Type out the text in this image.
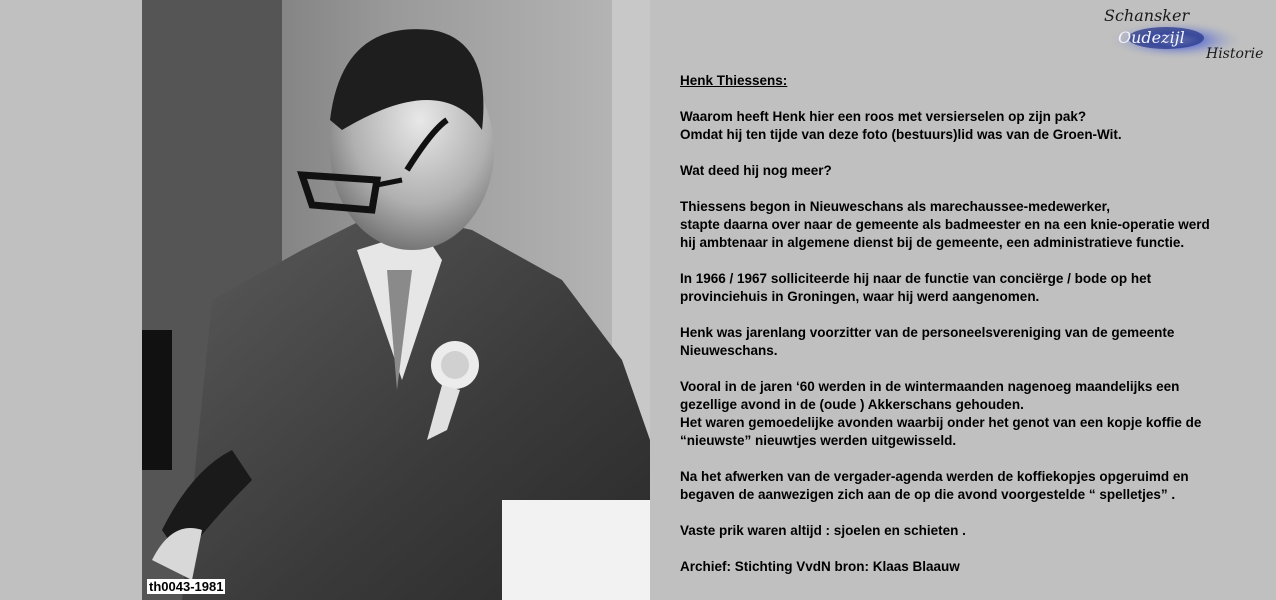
th0043-1981
Schansker
Oudezijl
Historie

Henk Thiessens:

Waarom heeft Henk hier een roos met versierselen op zijn pak?
Omdat hij ten tijde van deze foto (bestuurs)lid was van de Groen-Wit.

Wat deed hij nog meer?

Thiessens begon in Nieuweschans als marechaussee-medewerker,
stapte daarna over naar de gemeente als badmeester en na een knie-operatie werd
hij ambtenaar in algemene dienst bij de gemeente, een administratieve functie.

In 1966 / 1967 solliciteerde hij naar de functie van conciërge / bode op het
provinciehuis in Groningen, waar hij werd aangenomen.

Henk was jarenlang voorzitter van de personeelsvereniging van de gemeente
Nieuweschans.

Vooral in de jaren ‘60 werden in de wintermaanden nagenoeg maandelijks een
gezellige avond in de (oude ) Akkerschans gehouden.
Het waren gemoedelijke avonden waarbij onder het genot van een kopje koffie de
“nieuwste” nieuwtjes werden uitgewisseld.

Na het afwerken van de vergader-agenda werden de koffiekopjes opgeruimd en
begaven de aanwezigen zich aan de op die avond voorgestelde “ spelletjes” .

Vaste prik waren altijd : sjoelen en schieten .

Archief: Stichting VvdN bron: Klaas Blaauw
